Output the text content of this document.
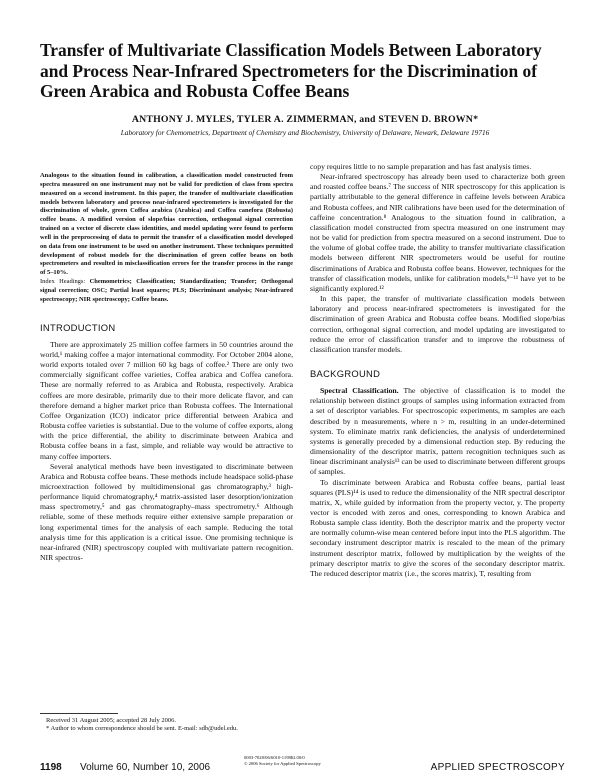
Transfer of Multivariate Classification Models Between Laboratory and Process Near-Infrared Spectrometers for the Discrimination of Green Arabica and Robusta Coffee Beans
ANTHONY J. MYLES, TYLER A. ZIMMERMAN, and STEVEN D. BROWN*
Laboratory for Chemometrics, Department of Chemistry and Biochemistry, University of Delaware, Newark, Delaware 19716

Analogous to the situation found in calibration, a classification model constructed from spectra measured on one instrument may not be valid for prediction of class from spectra measured on a second instrument. In this paper, the transfer of multivariate classification models between laboratory and process near-infrared spectrometers is investigated for the discrimination of whole, green Coffea arabica (Arabica) and Coffea canefora (Robusta) coffee beans. A modified version of slope/bias correction, orthogonal signal correction trained on a vector of discrete class identities, and model updating were found to perform well in the preprocessing of data to permit the transfer of a classification model developed on data from one instrument to be used on another instrument. These techniques permitted development of robust models for the discrimination of green coffee beans on both spectrometers and resulted in misclassification errors for the transfer process in the range of 5–10%.

Index Headings: Chemometrics; Classification; Standardization; Transfer; Orthogonal signal correction; OSC; Partial least squares; PLS; Discriminant analysis; Near-infrared spectroscopy; NIR spectroscopy; Coffee beans.

INTRODUCTION

There are approximately 25 million coffee farmers in 50 countries around the world,¹ making coffee a major international commodity. For October 2004 alone, world exports totaled over 7 million 60 kg bags of coffee.² There are only two commercially significant coffee varieties, Coffea arabica and Coffea canefora. These are normally referred to as Arabica and Robusta, respectively. Arabica coffees are more desirable, primarily due to their more delicate flavor, and can therefore demand a higher market price than Robusta coffees. The International Coffee Organization (ICO) indicator price differential between Arabica and Robusta coffee varieties is substantial. Due to the volume of coffee exports, along with the price differential, the ability to discriminate between Arabica and Robusta coffee beans in a fast, simple, and reliable way would be attractive to many coffee importers.

Several analytical methods have been investigated to discriminate between Arabica and Robusta coffee beans. These methods include headspace solid-phase microextraction followed by multidimensional gas chromatography,³ high-performance liquid chromatography,⁴ matrix-assisted laser desorption/ionization mass spectrometry,⁵ and gas chromatography–mass spectrometry.⁶ Although reliable, some of these methods require either extensive sample preparation or long experimental times for the analysis of each sample. Reducing the total analysis time for this application is a critical issue. One promising technique is near-infrared (NIR) spectroscopy coupled with multivariate pattern recognition. NIR spectros-

copy requires little to no sample preparation and has fast analysis times.

Near-infrared spectroscopy has already been used to characterize both green and roasted coffee beans.⁷ The success of NIR spectroscopy for this application is partially attributable to the general difference in caffeine levels between Arabica and Robusta coffees, and NIR calibrations have been used for the determination of caffeine concentration.⁸ Analogous to the situation found in calibration, a classification model constructed from spectra measured on one instrument may not be valid for prediction from spectra measured on a second instrument. Due to the volume of global coffee trade, the ability to transfer multivariate classification models between different NIR spectrometers would be useful for routine discriminations of Arabica and Robusta coffee beans. However, techniques for the transfer of classification models, unlike for calibration models,⁹⁻¹¹ have yet to be significantly explored.¹²

In this paper, the transfer of multivariate classification models between laboratory and process near-infrared spectrometers is investigated for the discrimination of green Arabica and Robusta coffee beans. Modified slope/bias correction, orthogonal signal correction, and model updating are investigated to reduce the error of classification transfer and to improve the robustness of classification transfer models.

BACKGROUND

Spectral Classification. The objective of classification is to model the relationship between distinct groups of samples using information extracted from a set of descriptor variables. For spectroscopic experiments, m samples are each described by n measurements, where n > m, resulting in an under-determined system. To eliminate matrix rank deficiencies, the analysis of underdetermined systems is generally preceded by a dimensional reduction step. By reducing the dimensionality of the descriptor matrix, pattern recognition techniques such as linear discriminant analysis¹³ can be used to discriminate between different groups of samples.

To discriminate between Arabica and Robusta coffee beans, partial least squares (PLS)¹⁴ is used to reduce the dimensionality of the NIR spectral descriptor matrix, X, while guided by information from the property vector, y. The property vector is encoded with zeros and ones, corresponding to known Arabica and Robusta sample class identity. Both the descriptor matrix and the property vector are normally column-wise mean centered before input into the PLS algorithm. The secondary instrument descriptor matrix is rescaled to the mean of the primary instrument descriptor matrix, followed by multiplication by the weights of the primary descriptor matrix to give the scores of the secondary descriptor matrix. The reduced descriptor matrix (i.e., the scores matrix), T, resulting from

Received 31 August 2005; accepted 28 July 2006.
* Author to whom correspondence should be sent. E-mail: sdb@udel.edu.
1198 Volume 60, Number 10, 2006
0003-7028/06/6010-1198$2.00/0
© 2006 Society for Applied Spectroscopy	APPLIED SPECTROSCOPY
